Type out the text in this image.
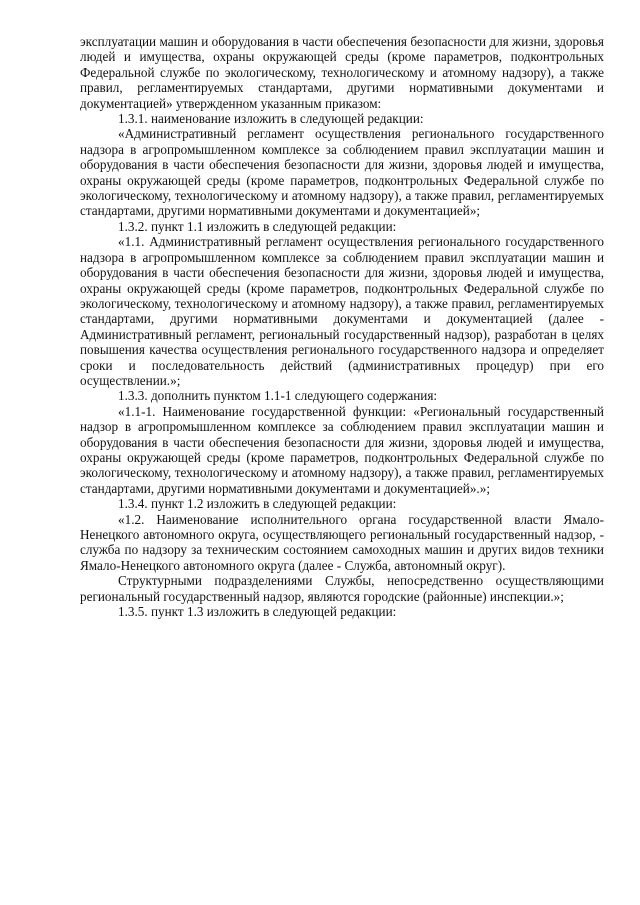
эксплуатации машин и оборудования в части обеспечения безопасности для жизни, здоровья людей и имущества, охраны окружающей среды (кроме параметров, подконтрольных Федеральной службе по экологическому, технологическому и атомному надзору), а также правил, регламентируемых стандартами, другими нормативными документами и документацией» утвержденном указанным приказом:

1.3.1. наименование изложить в следующей редакции:

«Административный регламент осуществления регионального государственного надзора в агропромышленном комплексе за соблюдением правил эксплуатации машин и оборудования в части обеспечения безопасности для жизни, здоровья людей и имущества, охраны окружающей среды (кроме параметров, подконтрольных Федеральной службе по экологическому, технологическому и атомному надзору), а также правил, регламентируемых стандартами, другими нормативными документами и документацией»;

1.3.2. пункт 1.1 изложить в следующей редакции:

«1.1. Административный регламент осуществления регионального государственного надзора в агропромышленном комплексе за соблюдением правил эксплуатации машин и оборудования в части обеспечения безопасности для жизни, здоровья людей и имущества, охраны окружающей среды (кроме параметров, подконтрольных Федеральной службе по экологическому, технологическому и атомному надзору), а также правил, регламентируемых стандартами, другими нормативными документами и документацией (далее - Административный регламент, региональный государственный надзор), разработан в целях повышения качества осуществления регионального государственного надзора и определяет сроки и последовательность действий (административных процедур) при его осуществлении.»;

1.3.3. дополнить пунктом 1.1-1 следующего содержания:

«1.1-1. Наименование государственной функции: «Региональный государственный надзор в агропромышленном комплексе за соблюдением правил эксплуатации машин и оборудования в части обеспечения безопасности для жизни, здоровья людей и имущества, охраны окружающей среды (кроме параметров, подконтрольных Федеральной службе по экологическому, технологическому и атомному надзору), а также правил, регламентируемых стандартами, другими нормативными документами и документацией».»;

1.3.4. пункт 1.2 изложить в следующей редакции:

«1.2. Наименование исполнительного органа государственной власти Ямало-Ненецкого автономного округа, осуществляющего региональный государственный надзор, - служба по надзору за техническим состоянием самоходных машин и других видов техники Ямало-Ненецкого автономного округа (далее - Служба, автономный округ).

Структурными подразделениями Службы, непосредственно осуществляющими региональный государственный надзор, являются городские (районные) инспекции.»;

1.3.5. пункт 1.3 изложить в следующей редакции:
